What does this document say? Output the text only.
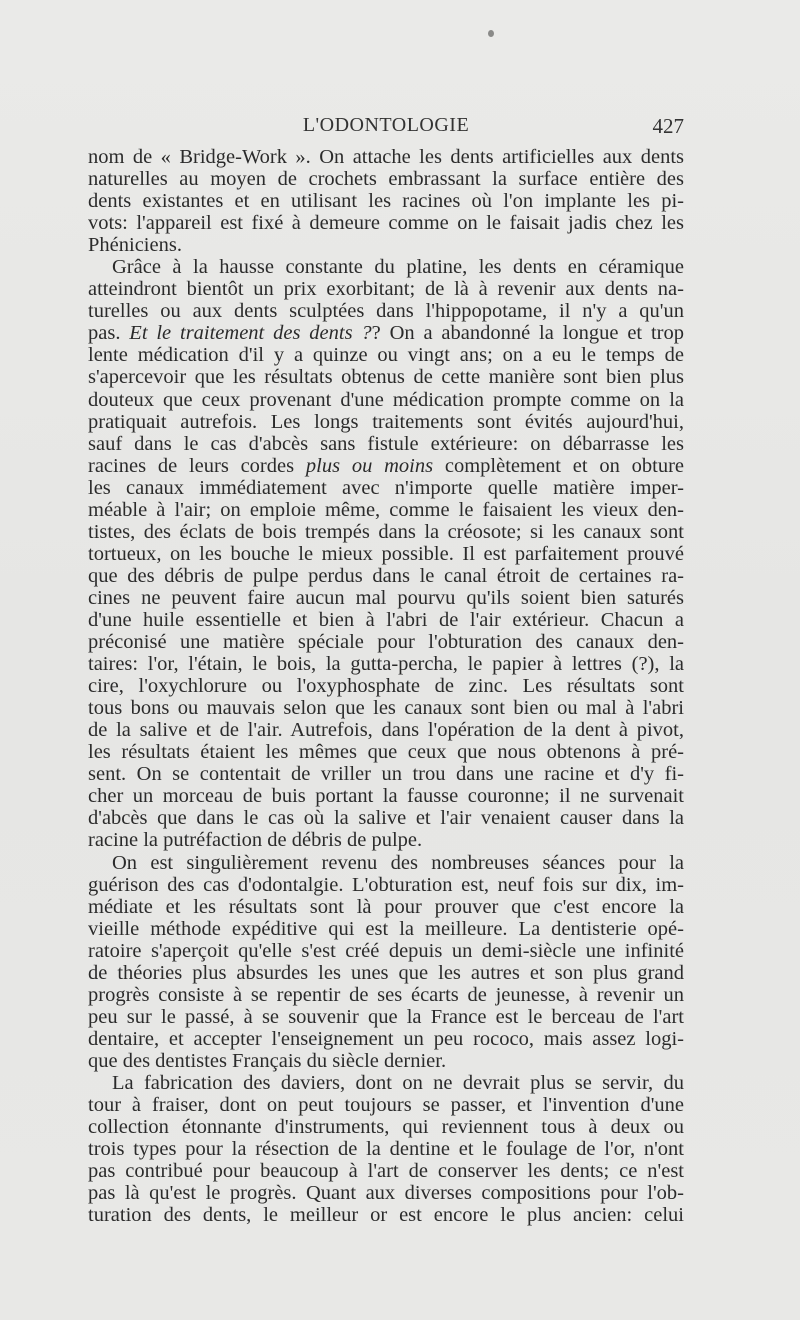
L'ODONTOLOGIE	427
nom de « Bridge-Work ». On attache les dents artificielles aux dents
naturelles au moyen de crochets embrassant la surface entière des
dents existantes et en utilisant les racines où l'on implante les pi-
vots: l'appareil est fixé à demeure comme on le faisait jadis chez les
Phéniciens.
Grâce à la hausse constante du platine, les dents en céramique
atteindront bientôt un prix exorbitant; de là à revenir aux dents na-
turelles ou aux dents sculptées dans l'hippopotame, il n'y a qu'un
pas. Et le traitement des dents ?? On a abandonné la longue et trop
lente médication d'il y a quinze ou vingt ans; on a eu le temps de
s'apercevoir que les résultats obtenus de cette manière sont bien plus
douteux que ceux provenant d'une médication prompte comme on la
pratiquait autrefois. Les longs traitements sont évités aujourd'hui,
sauf dans le cas d'abcès sans fistule extérieure: on débarrasse les
racines de leurs cordes plus ou moins complètement et on obture
les canaux immédiatement avec n'importe quelle matière imper-
méable à l'air; on emploie même, comme le faisaient les vieux den-
tistes, des éclats de bois trempés dans la créosote; si les canaux sont
tortueux, on les bouche le mieux possible. Il est parfaitement prouvé
que des débris de pulpe perdus dans le canal étroit de certaines ra-
cines ne peuvent faire aucun mal pourvu qu'ils soient bien saturés
d'une huile essentielle et bien à l'abri de l'air extérieur. Chacun a
préconisé une matière spéciale pour l'obturation des canaux den-
taires: l'or, l'étain, le bois, la gutta-percha, le papier à lettres (?), la
cire, l'oxychlorure ou l'oxyphosphate de zinc. Les résultats sont
tous bons ou mauvais selon que les canaux sont bien ou mal à l'abri
de la salive et de l'air. Autrefois, dans l'opération de la dent à pivot,
les résultats étaient les mêmes que ceux que nous obtenons à pré-
sent. On se contentait de vriller un trou dans une racine et d'y fi-
cher un morceau de buis portant la fausse couronne; il ne survenait
d'abcès que dans le cas où la salive et l'air venaient causer dans la
racine la putréfaction de débris de pulpe.
On est singulièrement revenu des nombreuses séances pour la
guérison des cas d'odontalgie. L'obturation est, neuf fois sur dix, im-
médiate et les résultats sont là pour prouver que c'est encore la
vieille méthode expéditive qui est la meilleure. La dentisterie opé-
ratoire s'aperçoit qu'elle s'est créé depuis un demi-siècle une infinité
de théories plus absurdes les unes que les autres et son plus grand
progrès consiste à se repentir de ses écarts de jeunesse, à revenir un
peu sur le passé, à se souvenir que la France est le berceau de l'art
dentaire, et accepter l'enseignement un peu rococo, mais assez logi-
que des dentistes Français du siècle dernier.
La fabrication des daviers, dont on ne devrait plus se servir, du
tour à fraiser, dont on peut toujours se passer, et l'invention d'une
collection étonnante d'instruments, qui reviennent tous à deux ou
trois types pour la résection de la dentine et le foulage de l'or, n'ont
pas contribué pour beaucoup à l'art de conserver les dents; ce n'est
pas là qu'est le progrès. Quant aux diverses compositions pour l'ob-
turation des dents, le meilleur or est encore le plus ancien: celui
